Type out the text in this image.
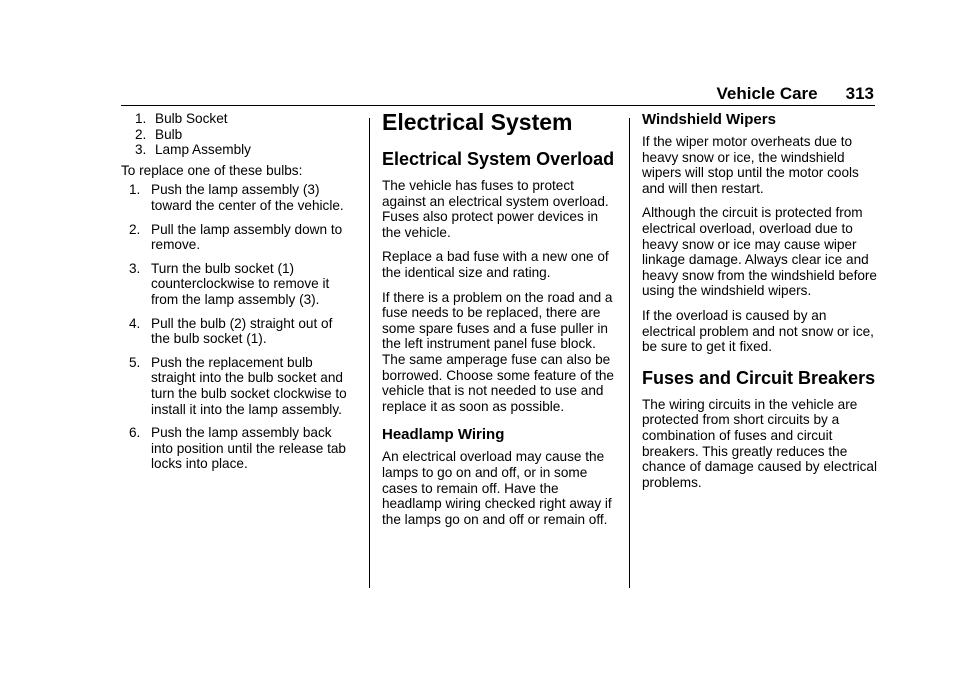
Vehicle Care 313
1. Bulb Socket
2. Bulb
3. Lamp Assembly

To replace one of these bulbs:

1. Push the lamp assembly (3) toward the center of the vehicle.
2. Pull the lamp assembly down to remove.
3. Turn the bulb socket (1) counterclockwise to remove it from the lamp assembly (3).
4. Pull the bulb (2) straight out of the bulb socket (1).
5. Push the replacement bulb straight into the bulb socket and turn the bulb socket clockwise to install it into the lamp assembly.
6. Push the lamp assembly back into position until the release tab locks into place.
Electrical System
Electrical System Overload

The vehicle has fuses to protect against an electrical system overload. Fuses also protect power devices in the vehicle.

Replace a bad fuse with a new one of the identical size and rating.

If there is a problem on the road and a fuse needs to be replaced, there are some spare fuses and a fuse puller in the left instrument panel fuse block. The same amperage fuse can also be borrowed. Choose some feature of the vehicle that is not needed to use and replace it as soon as possible.

Headlamp Wiring

An electrical overload may cause the lamps to go on and off, or in some cases to remain off. Have the headlamp wiring checked right away if the lamps go on and off or remain off.

Windshield Wipers

If the wiper motor overheats due to heavy snow or ice, the windshield wipers will stop until the motor cools and will then restart.

Although the circuit is protected from electrical overload, overload due to heavy snow or ice may cause wiper linkage damage. Always clear ice and heavy snow from the windshield before using the windshield wipers.

If the overload is caused by an electrical problem and not snow or ice, be sure to get it fixed.

Fuses and Circuit Breakers

The wiring circuits in the vehicle are protected from short circuits by a combination of fuses and circuit breakers. This greatly reduces the chance of damage caused by electrical problems.
